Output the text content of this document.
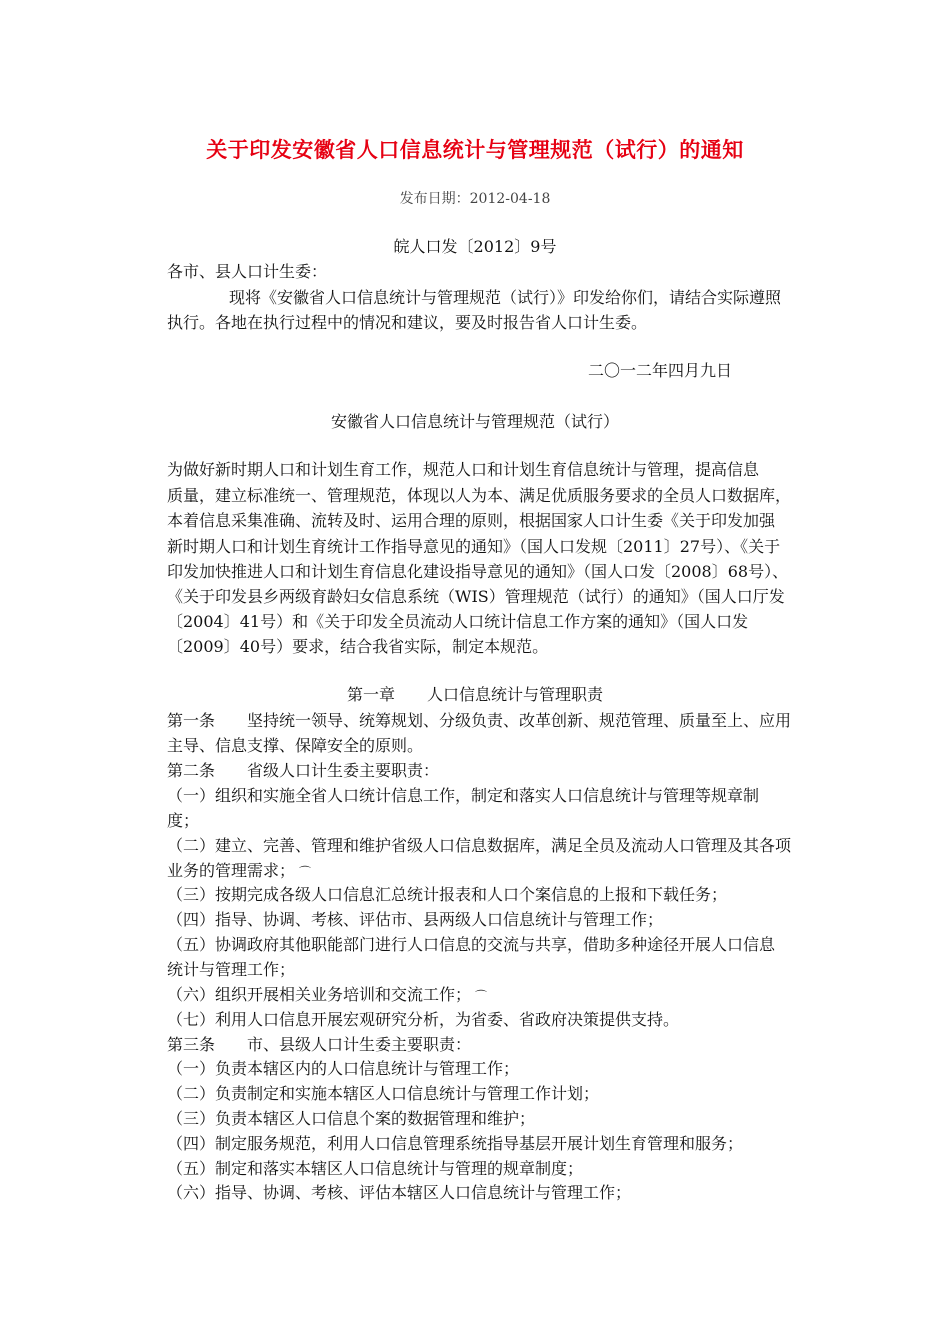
关于印发安徽省人口信息统计与管理规范（试行）的通知
发布日期：2012-04-18
皖人口发〔2012〕9号
各市、县人口计生委：
现将《安徽省人口信息统计与管理规范（试行）》印发给你们，请结合实际遵照
执行。各地在执行过程中的情况和建议，要及时报告省人口计生委。
二〇一二年四月九日
安徽省人口信息统计与管理规范（试行）
为做好新时期人口和计划生育工作，规范人口和计划生育信息统计与管理，提高信息
质量，建立标准统一、管理规范，体现以人为本、满足优质服务要求的全员人口数据库，
本着信息采集准确、流转及时、运用合理的原则，根据国家人口计生委《关于印发加强
新时期人口和计划生育统计工作指导意见的通知》（国人口发规〔2011〕27号）、《关于
印发加快推进人口和计划生育信息化建设指导意见的通知》（国人口发〔2008〕68号）、
《关于印发县乡两级育龄妇女信息系统（WIS）管理规范（试行）的通知》（国人口厅发
〔2004〕41号）和《关于印发全员流动人口统计信息工作方案的通知》（国人口发
〔2009〕40号）要求，结合我省实际，制定本规范。
第一章　　人口信息统计与管理职责
第一条　　坚持统一领导、统筹规划、分级负责、改革创新、规范管理、质量至上、应用
主导、信息支撑、保障安全的原则。
第二条　　省级人口计生委主要职责：
（一）组织和实施全省人口统计信息工作，制定和落实人口信息统计与管理等规章制
度；
（二）建立、完善、管理和维护省级人口信息数据库，满足全员及流动人口管理及其各项
业务的管理需求； ⌒
（三）按期完成各级人口信息汇总统计报表和人口个案信息的上报和下载任务；
（四）指导、协调、考核、评估市、县两级人口信息统计与管理工作；
（五）协调政府其他职能部门进行人口信息的交流与共享，借助多种途径开展人口信息
统计与管理工作；
（六）组织开展相关业务培训和交流工作； ⌒
（七）利用人口信息开展宏观研究分析，为省委、省政府决策提供支持。
第三条　　市、县级人口计生委主要职责：
（一）负责本辖区内的人口信息统计与管理工作；
（二）负责制定和实施本辖区人口信息统计与管理工作计划；
（三）负责本辖区人口信息个案的数据管理和维护；
（四）制定服务规范，利用人口信息管理系统指导基层开展计划生育管理和服务；
（五）制定和落实本辖区人口信息统计与管理的规章制度；
（六）指导、协调、考核、评估本辖区人口信息统计与管理工作；
